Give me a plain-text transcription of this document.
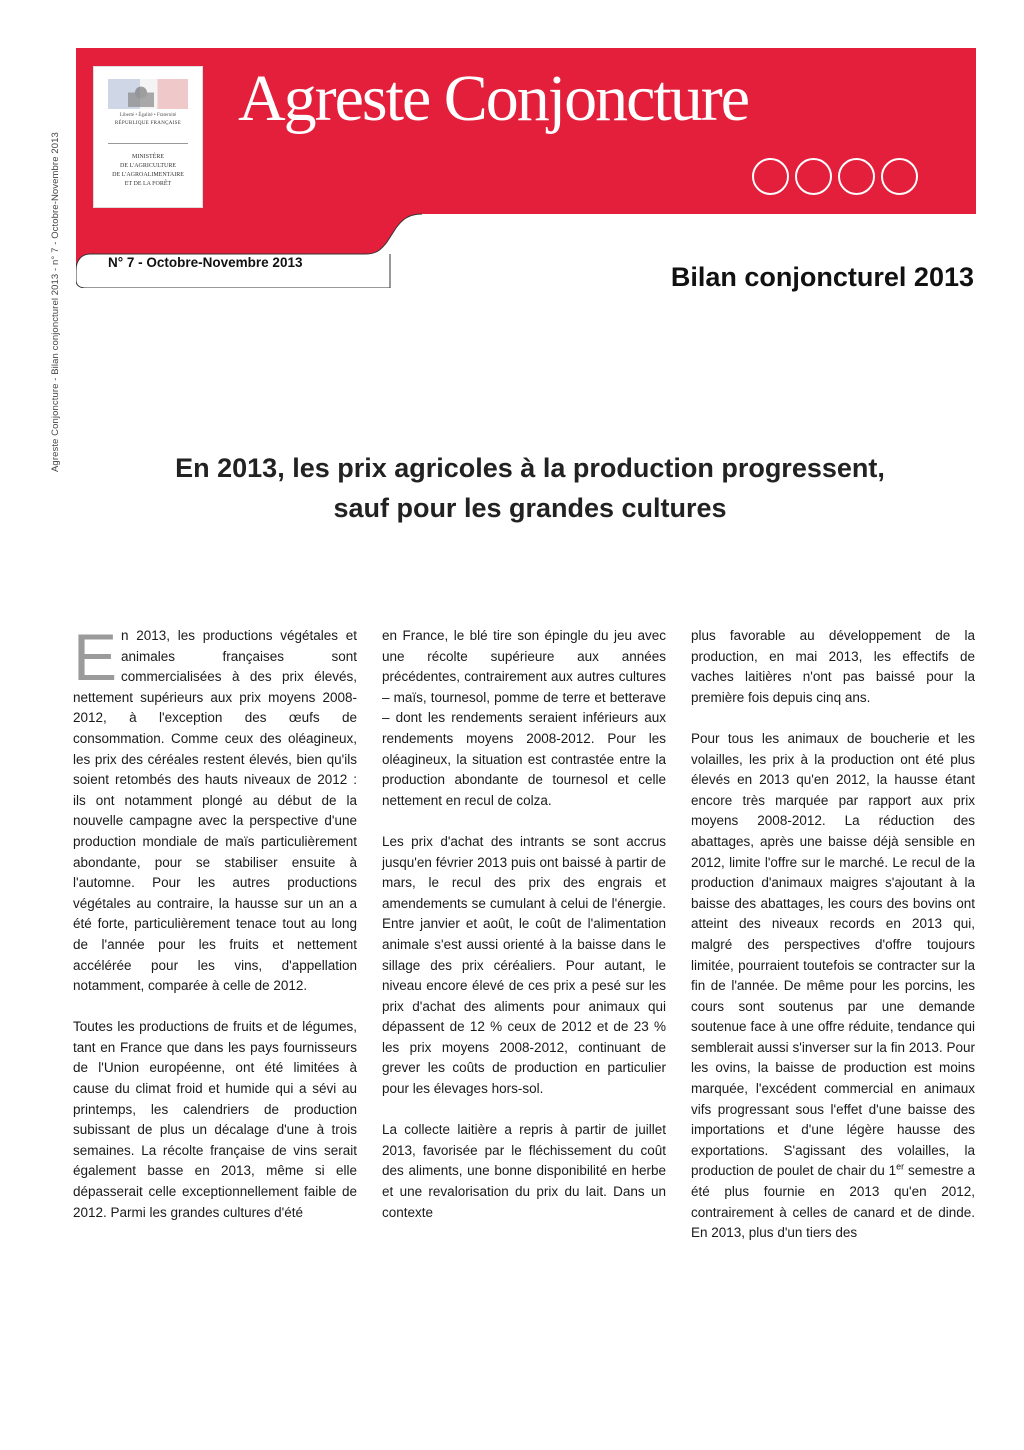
Agreste Conjoncture - Bilan conjoncturel 2013 - n° 7 - Octobre-Novembre 2013
Liberté • Égalité • Fraternité
RÉPUBLIQUE FRANÇAISE
MINISTÈRE
DE L'AGRICULTURE
DE L'AGROALIMENTAIRE
ET DE LA FORÊT
Agreste Conjoncture
N° 7 - Octobre-Novembre 2013	Bilan conjoncturel 2013
En 2013, les prix agricoles à la production progressent,
sauf pour les grandes cultures

En 2013, les productions végétales et animales françaises sont commercialisées à des prix élevés, nettement supérieurs aux prix moyens 2008-2012, à l'exception des œufs de consommation. Comme ceux des oléagineux, les prix des céréales restent élevés, bien qu'ils soient retombés des hauts niveaux de 2012 : ils ont notamment plongé au début de la nouvelle campagne avec la perspective d'une production mondiale de maïs particulièrement abondante, pour se stabiliser ensuite à l'automne. Pour les autres productions végétales au contraire, la hausse sur un an a été forte, particulièrement tenace tout au long de l'année pour les fruits et nettement accélérée pour les vins, d'appellation notamment, comparée à celle de 2012.

Toutes les productions de fruits et de légumes, tant en France que dans les pays fournisseurs de l'Union européenne, ont été limitées à cause du climat froid et humide qui a sévi au printemps, les calendriers de production subissant de plus un décalage d'une à trois semaines. La récolte française de vins serait également basse en 2013, même si elle dépasserait celle exceptionnellement faible de 2012. Parmi les grandes cultures d'été

en France, le blé tire son épingle du jeu avec une récolte supérieure aux années précédentes, contrairement aux autres cultures – maïs, tournesol, pomme de terre et betterave – dont les rendements seraient inférieurs aux rendements moyens 2008-2012. Pour les oléagineux, la situation est contrastée entre la production abondante de tournesol et celle nettement en recul de colza.

Les prix d'achat des intrants se sont accrus jusqu'en février 2013 puis ont baissé à partir de mars, le recul des prix des engrais et amendements se cumulant à celui de l'énergie. Entre janvier et août, le coût de l'alimentation animale s'est aussi orienté à la baisse dans le sillage des prix céréaliers. Pour autant, le niveau encore élevé de ces prix a pesé sur les prix d'achat des aliments pour animaux qui dépassent de 12 % ceux de 2012 et de 23 % les prix moyens 2008-2012, continuant de grever les coûts de production en particulier pour les élevages hors-sol.

La collecte laitière a repris à partir de juillet 2013, favorisée par le fléchissement du coût des aliments, une bonne disponibilité en herbe et une revalorisation du prix du lait. Dans un contexte

plus favorable au développement de la production, en mai 2013, les effectifs de vaches laitières n'ont pas baissé pour la première fois depuis cinq ans.

Pour tous les animaux de boucherie et les volailles, les prix à la production ont été plus élevés en 2013 qu'en 2012, la hausse étant encore très marquée par rapport aux prix moyens 2008-2012. La réduction des abattages, après une baisse déjà sensible en 2012, limite l'offre sur le marché. Le recul de la production d'animaux maigres s'ajoutant à la baisse des abattages, les cours des bovins ont atteint des niveaux records en 2013 qui, malgré des perspectives d'offre toujours limitée, pourraient toutefois se contracter sur la fin de l'année. De même pour les porcins, les cours sont soutenus par une demande soutenue face à une offre réduite, tendance qui semblerait aussi s'inverser sur la fin 2013. Pour les ovins, la baisse de production est moins marquée, l'excédent commercial en animaux vifs progressant sous l'effet d'une baisse des importations et d'une légère hausse des exportations. S'agissant des volailles, la production de poulet de chair du 1er semestre a été plus fournie en 2013 qu'en 2012, contrairement à celles de canard et de dinde. En 2013, plus d'un tiers des
